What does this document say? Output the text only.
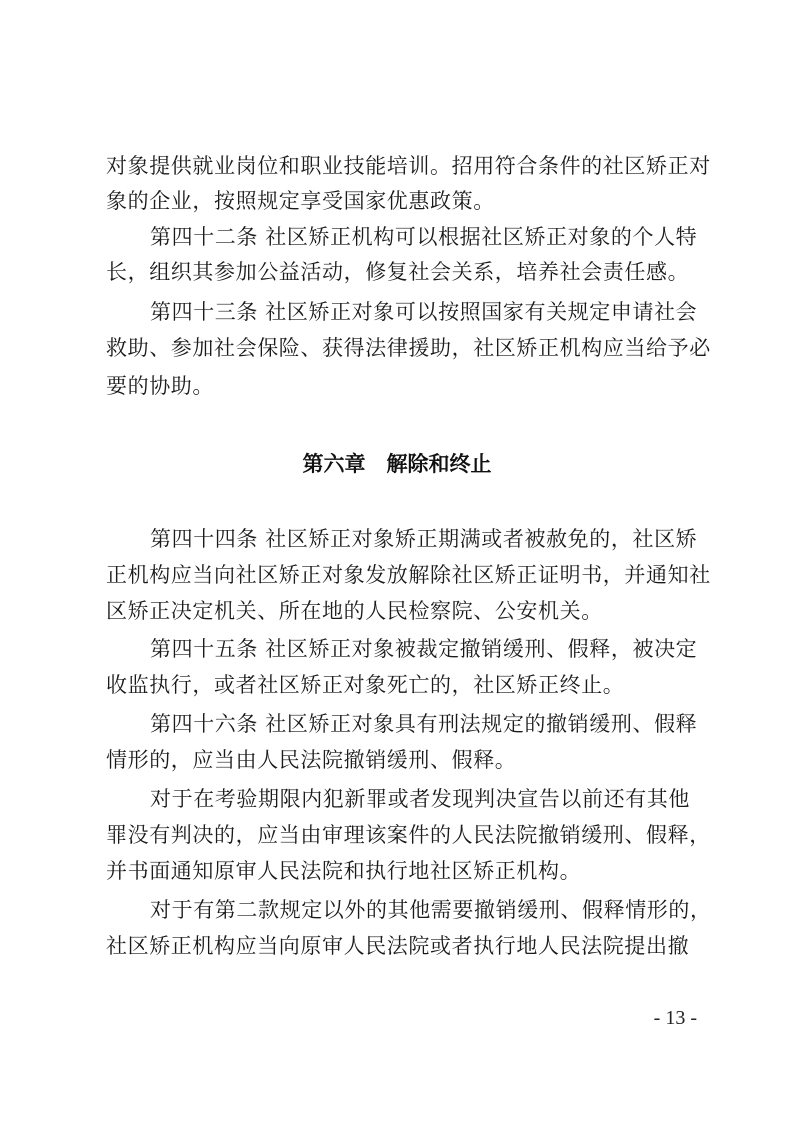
对象提供就业岗位和职业技能培训。招用符合条件的社区矫正对
象的企业，按照规定享受国家优惠政策。
第四十二条 社区矫正机构可以根据社区矫正对象的个人特
长，组织其参加公益活动，修复社会关系，培养社会责任感。
第四十三条 社区矫正对象可以按照国家有关规定申请社会
救助、参加社会保险、获得法律援助，社区矫正机构应当给予必
要的协助。
第六章　解除和终止
第四十四条 社区矫正对象矫正期满或者被赦免的，社区矫
正机构应当向社区矫正对象发放解除社区矫正证明书，并通知社
区矫正决定机关、所在地的人民检察院、公安机关。
第四十五条 社区矫正对象被裁定撤销缓刑、假释，被决定
收监执行，或者社区矫正对象死亡的，社区矫正终止。
第四十六条 社区矫正对象具有刑法规定的撤销缓刑、假释
情形的，应当由人民法院撤销缓刑、假释。
对于在考验期限内犯新罪或者发现判决宣告以前还有其他
罪没有判决的，应当由审理该案件的人民法院撤销缓刑、假释，
并书面通知原审人民法院和执行地社区矫正机构。
对于有第二款规定以外的其他需要撤销缓刑、假释情形的，
社区矫正机构应当向原审人民法院或者执行地人民法院提出撤
- 13 -
